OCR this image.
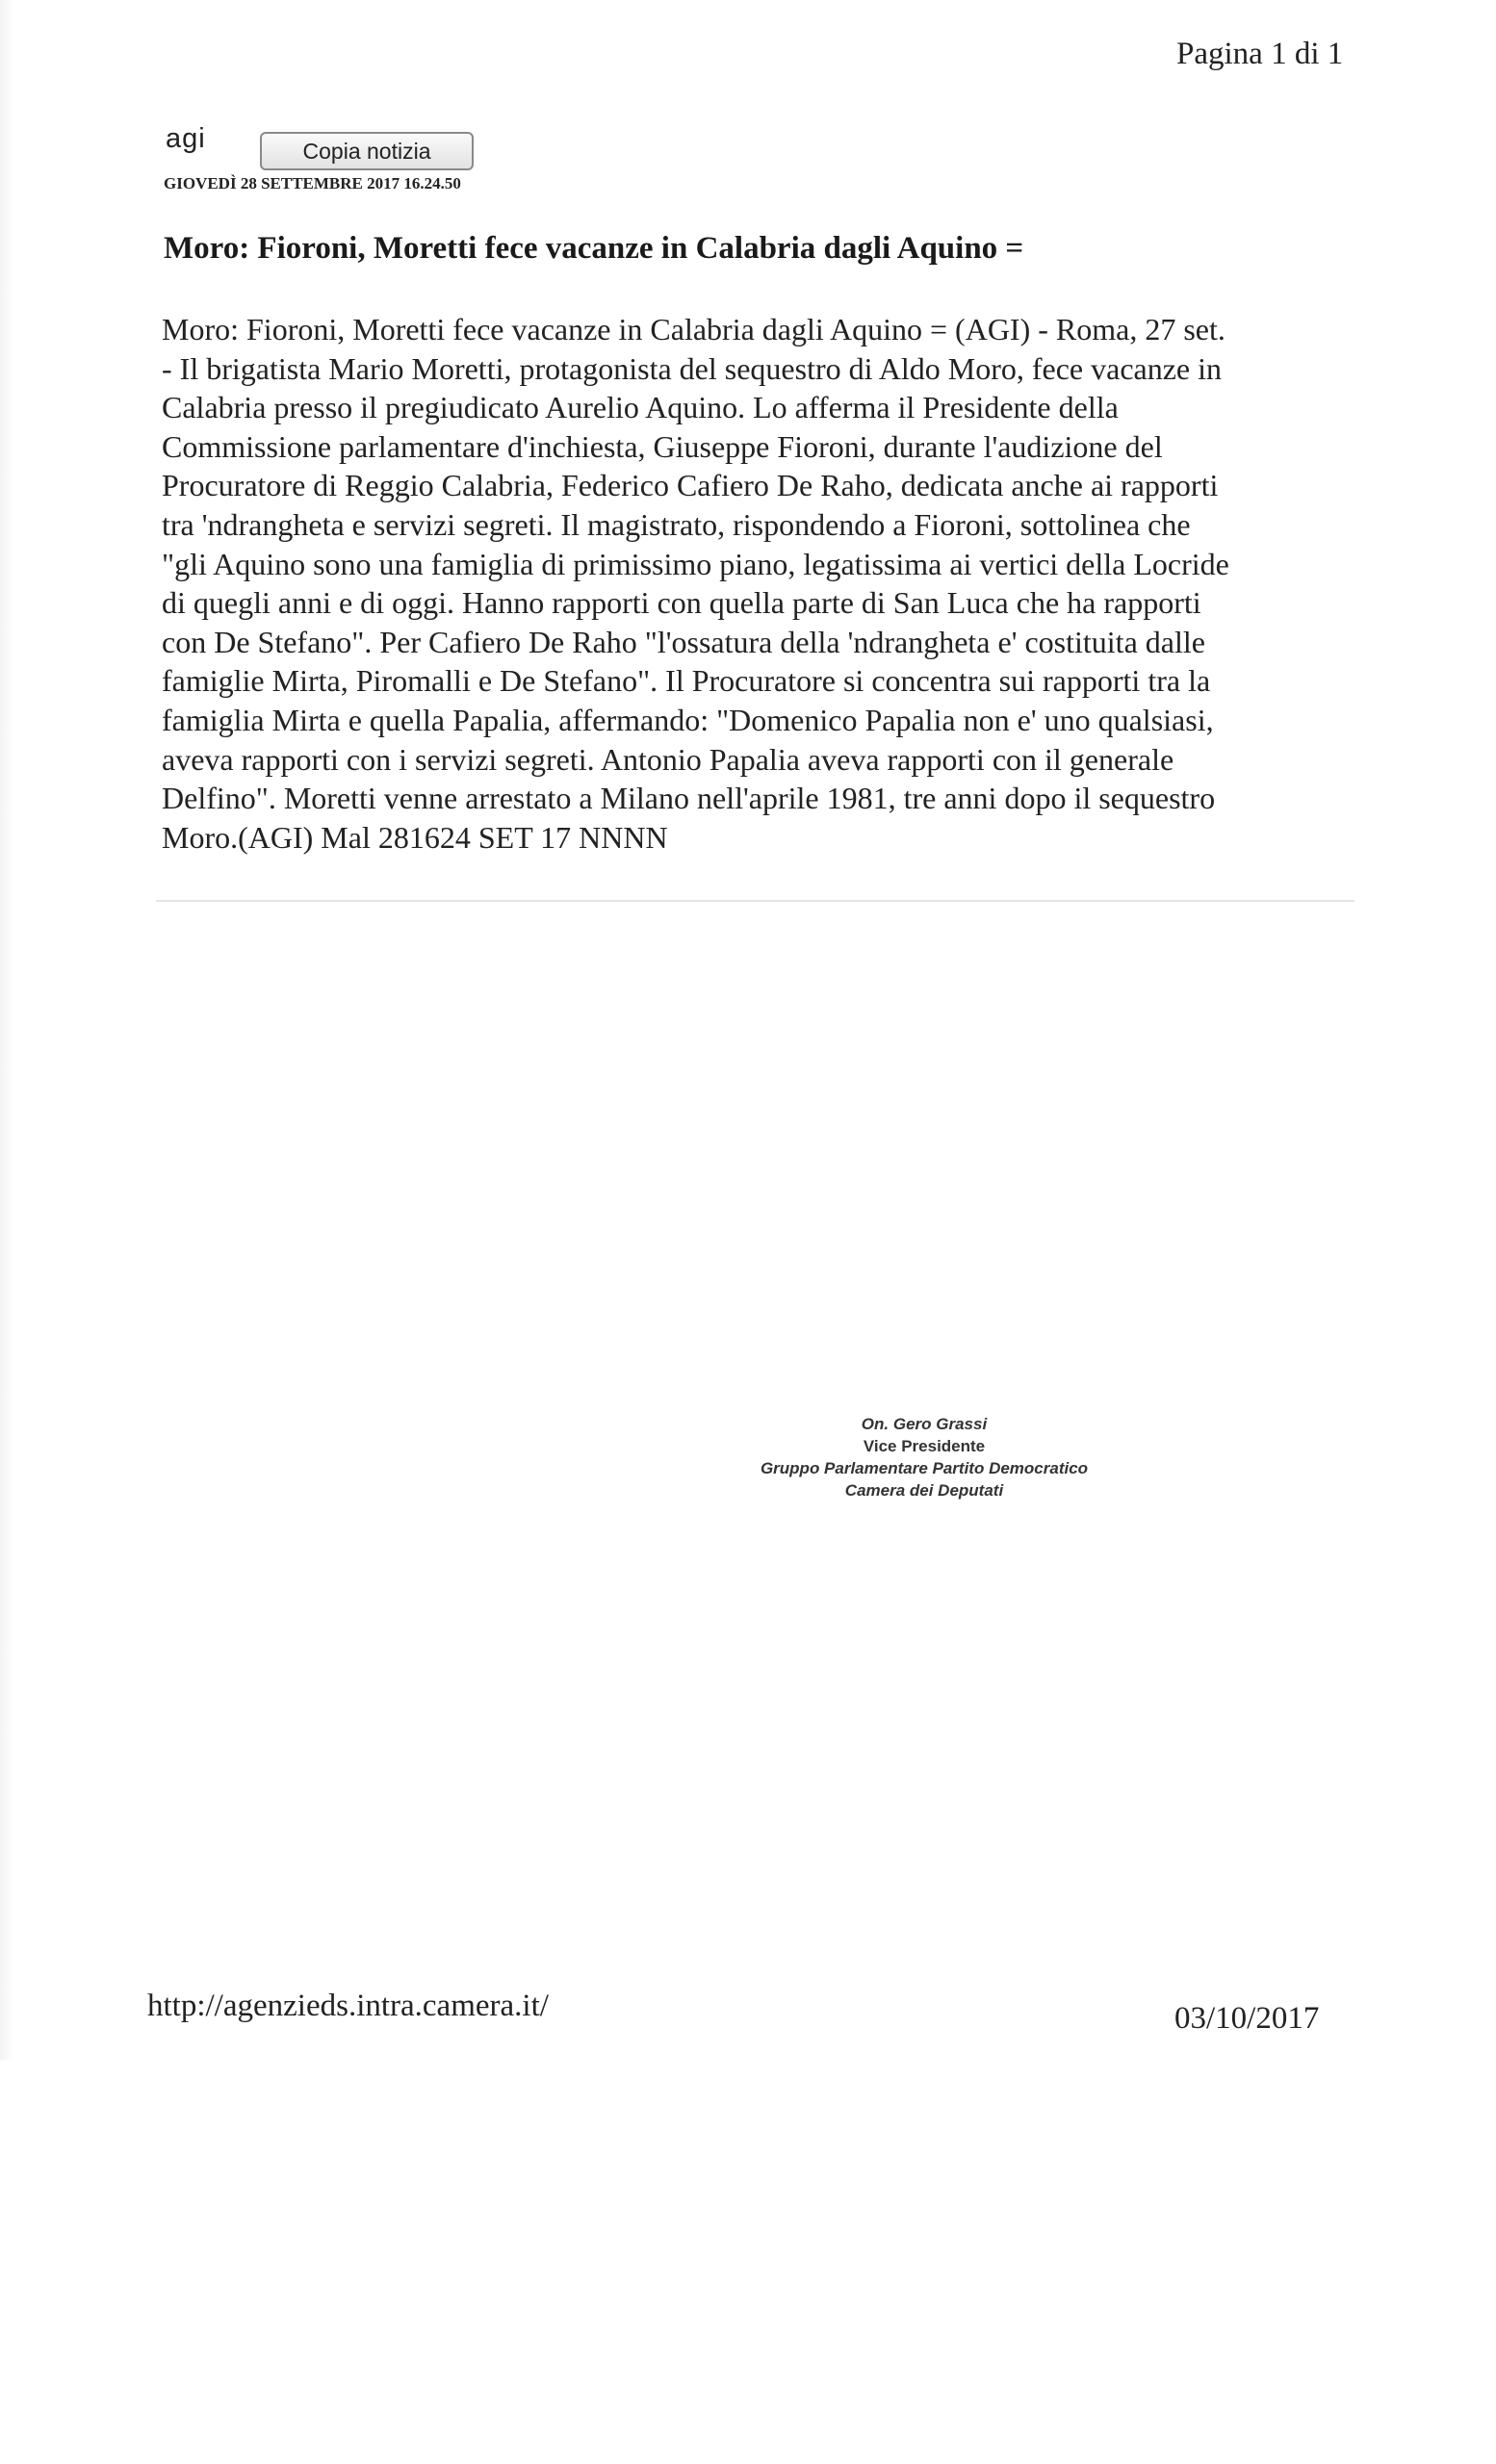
Pagina 1 di 1
agi	Copia notizia
GIOVEDÌ 28 SETTEMBRE 2017 16.24.50
Moro: Fioroni, Moretti fece vacanze in Calabria dagli Aquino =
Moro: Fioroni, Moretti fece vacanze in Calabria dagli Aquino = (AGI) - Roma, 27 set.
- Il brigatista Mario Moretti, protagonista del sequestro di Aldo Moro, fece vacanze in
Calabria presso il pregiudicato Aurelio Aquino. Lo afferma il Presidente della
Commissione parlamentare d'inchiesta, Giuseppe Fioroni, durante l'audizione del
Procuratore di Reggio Calabria, Federico Cafiero De Raho, dedicata anche ai rapporti
tra 'ndrangheta e servizi segreti. Il magistrato, rispondendo a Fioroni, sottolinea che
"gli Aquino sono una famiglia di primissimo piano, legatissima ai vertici della Locride
di quegli anni e di oggi. Hanno rapporti con quella parte di San Luca che ha rapporti
con De Stefano". Per Cafiero De Raho "l'ossatura della 'ndrangheta e' costituita dalle
famiglie Mirta, Piromalli e De Stefano". Il Procuratore si concentra sui rapporti tra la
famiglia Mirta e quella Papalia, affermando: "Domenico Papalia non e' uno qualsiasi,
aveva rapporti con i servizi segreti. Antonio Papalia aveva rapporti con il generale
Delfino". Moretti venne arrestato a Milano nell'aprile 1981, tre anni dopo il sequestro
Moro.(AGI) Mal 281624 SET 17 NNNN
On. Gero Grassi
Vice Presidente
Gruppo Parlamentare Partito Democratico
Camera dei Deputati
http://agenzieds.intra.camera.it/	03/10/2017
